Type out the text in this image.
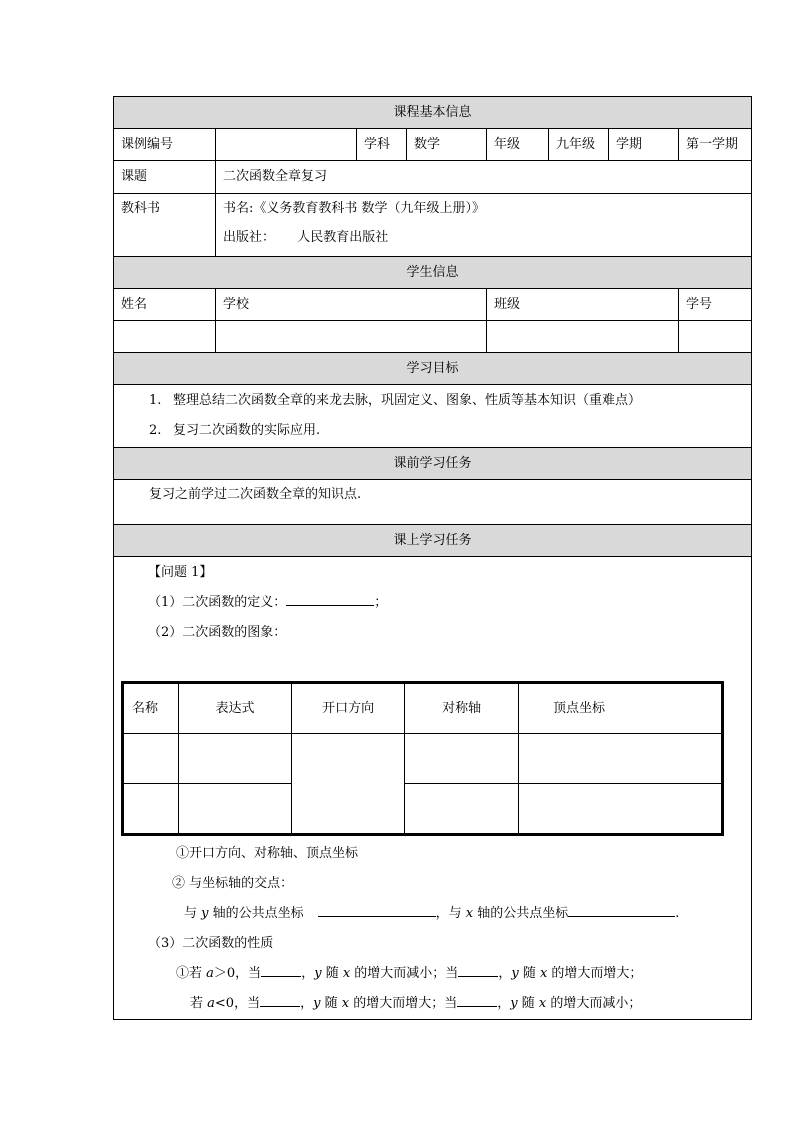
课程基本信息
课例编号		学科	数学	年级	九年级	学期	第一学期
课题	二次函数全章复习
教科书	书名:《义务教育教科书 数学（九年级上册）》
出版社： 人民教育出版社

学生信息
姓名	学校	班级	学号

学习目标

1. 整理总结二次函数全章的来龙去脉，巩固定义、图象、性质等基本知识（重难点）
2. 复习二次函数的实际应用.

课前学习任务
复习之前学过二次函数全章的知识点.
课上学习任务

【问题 1】
（1）二次函数的定义：	；
（2）二次函数的图象：
名称	表达式	开口方向	对称轴	顶点坐标

①开口方向、对称轴、顶点坐标
② 与坐标轴的交点：
与 y 轴的公共点坐标	，与 x 轴的公共点坐标	.
（3）二次函数的性质
①若 a＞0，当	，y 随 x 的增大而减小；当	，y 随 x 的增大而增大；
若 a<0，当	，y 随 x 的增大而增大；当	，y 随 x 的增大而减小；
